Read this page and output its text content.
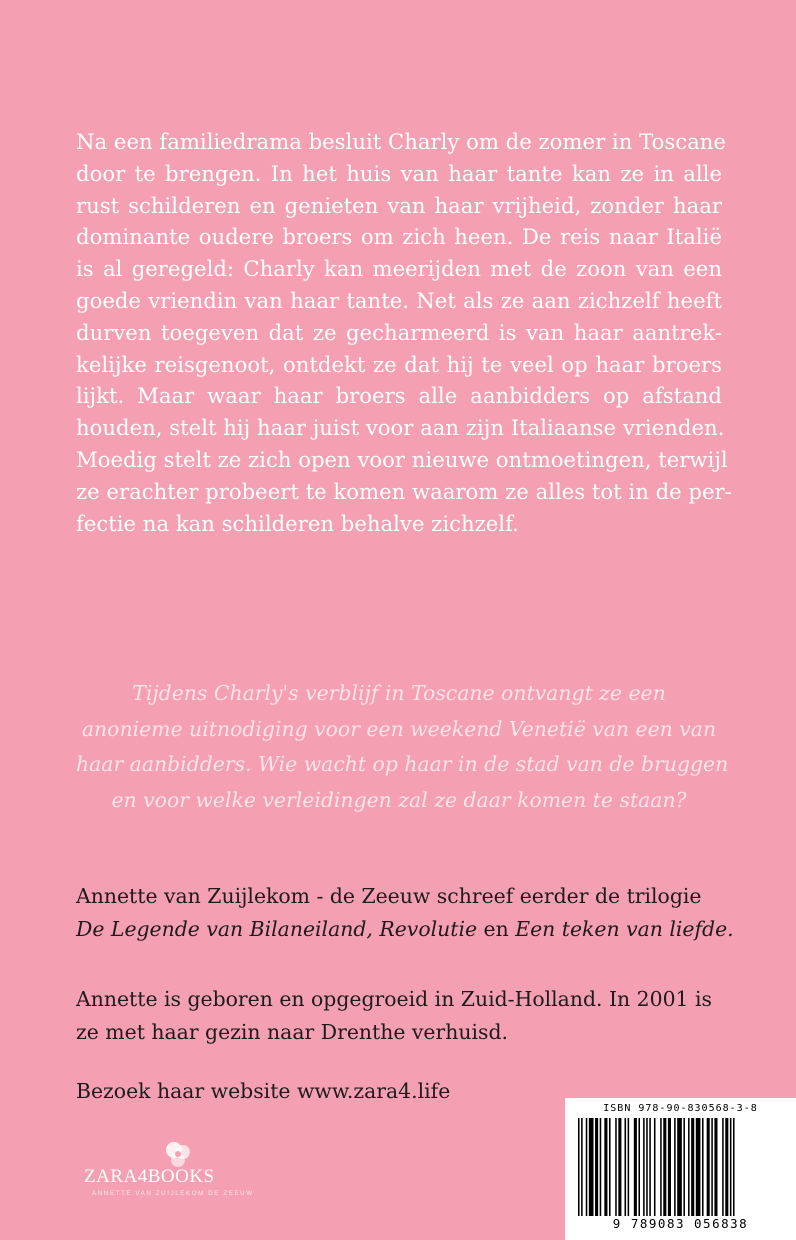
Na een familiedrama besluit Charly om de zomer in Toscane
door te brengen. In het huis van haar tante kan ze in alle
rust schilderen en genieten van haar vrijheid, zonder haar
dominante oudere broers om zich heen. De reis naar Italië
is al geregeld: Charly kan meerijden met de zoon van een
goede vriendin van haar tante. Net als ze aan zichzelf heeft
durven toegeven dat ze gecharmeerd is van haar aantrek-
kelijke reisgenoot, ontdekt ze dat hij te veel op haar broers
lijkt. Maar waar haar broers alle aanbidders op afstand
houden, stelt hij haar juist voor aan zijn Italiaanse vrienden.
Moedig stelt ze zich open voor nieuwe ontmoetingen, terwijl
ze erachter probeert te komen waarom ze alles tot in de per-
fectie na kan schilderen behalve zichzelf.
Tijdens Charly's verblijf in Toscane ontvangt ze een
anonieme uitnodiging voor een weekend Venetië van een van
haar aanbidders. Wie wacht op haar in de stad van de bruggen
en voor welke verleidingen zal ze daar komen te staan?
Annette van Zuijlekom - de Zeeuw schreef eerder de trilogie
De Legende van Bilaneiland, Revolutie en Een teken van liefde.
Annette is geboren en opgegroeid in Zuid-Holland. In 2001 is
ze met haar gezin naar Drenthe verhuisd.
Bezoek haar website www.zara4.life
ZARA4BOOKS
ANNETTE VAN ZUIJLEKOM DE ZEEUW
ISBN 978-90-830568-3-8
9 789083 056838
